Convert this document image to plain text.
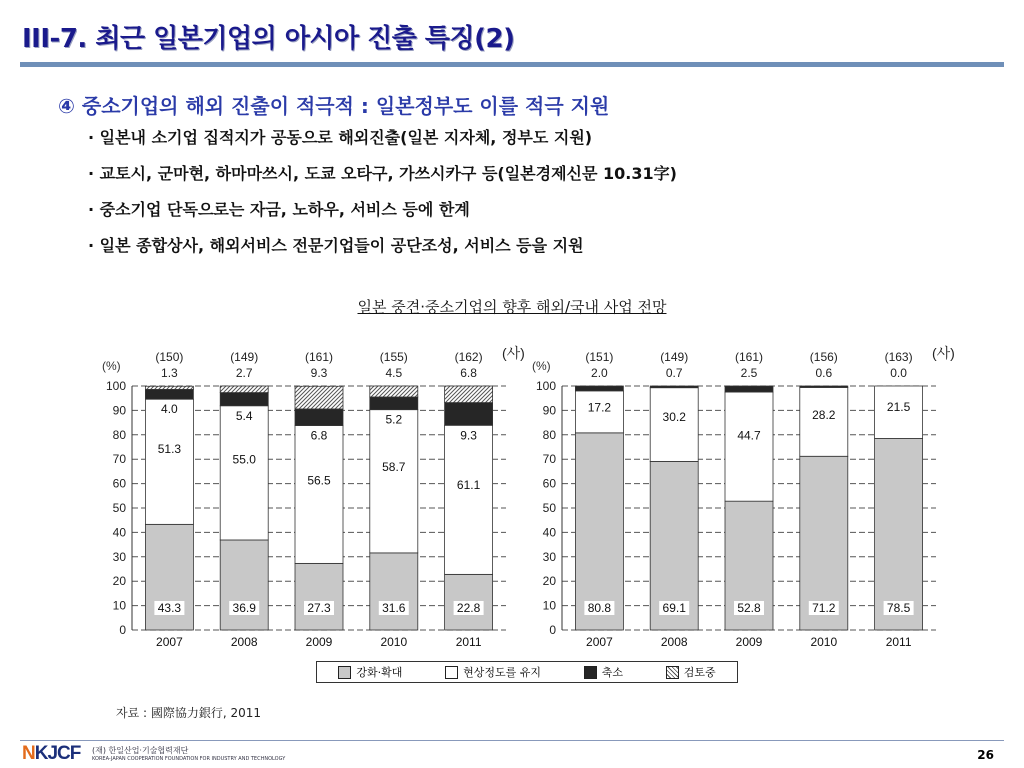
III-7. 최근 일본기업의 아시아 진출 특징(2)
④ 중소기업의 해외 진출이 적극적 : 일본정부도 이를 적극 지원
· 일본내 소기업 집적지가 공동으로 해외진출(일본 지자체, 정부도 지원)
· 교토시, 군마현, 하마마쓰시, 도쿄 오타구, 가쓰시카구 등(일본경제신문 10.31字)
· 중소기업 단독으로는 자금, 노하우, 서비스 등에 한계
· 일본 종합상사, 해외서비스 전문기업들이 공단조성, 서비스 등을 지원
일본 중견·중소기업의 향후 해외/국내 사업 전망
(%)
0
10
20
30
40
50
60
70
80
90
100
43.3
51.3
4.0
(150)
1.3
2007
36.9
55.0
5.4
(149)
2.7
2008
27.3
56.5
6.8
(161)
9.3
2009
31.6
58.7
5.2
(155)
4.5
2010
22.8
61.1
9.3
(162)
6.8
2011
(사)
(%)
0
10
20
30
40
50
60
70
80
90
100
80.8
17.2
(151)
2.0
2007
69.1
30.2
(149)
0.7
2008
52.8
44.7
(161)
2.5
2009
71.2
28.2
(156)
0.6
2010
78.5
21.5
(163)
0.0
2011
(사)
강화·확대	현상정도를 유지	축소	검토중
자료 : 國際協力銀行, 2011
NKJCF (재) 한일산업·기술협력재단
KOREA-JAPAN COOPERATION FOUNDATION FOR INDUSTRY AND TECHNOLOGY	26
